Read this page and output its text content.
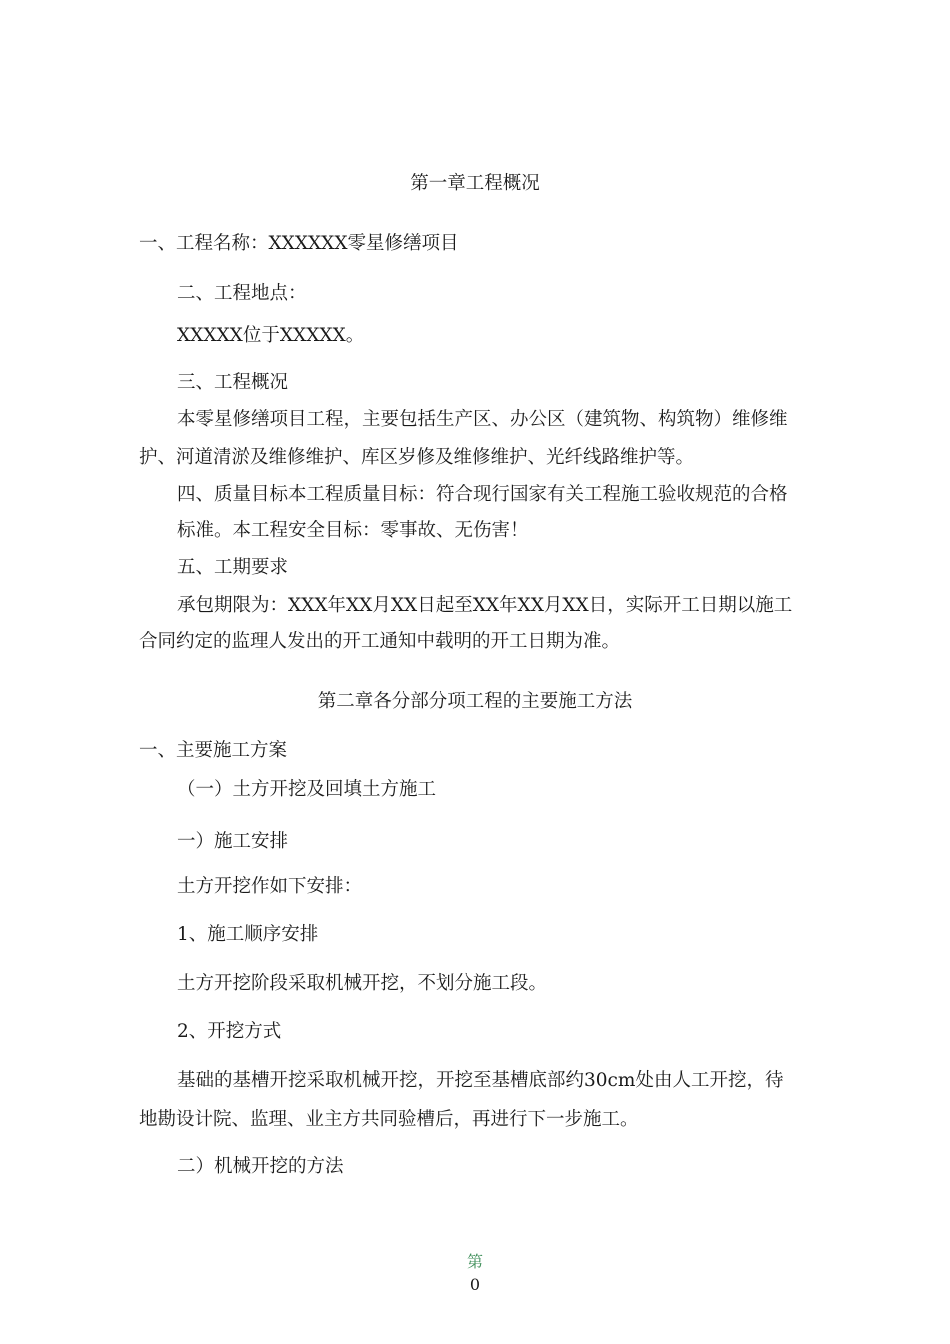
第一章工程概况
一、工程名称：XXXXXX零星修缮项目
二、工程地点：
XXXXX位于XXXXX。
三、工程概况
本零星修缮项目工程，主要包括生产区、办公区（建筑物、构筑物）维修维
护、河道清淤及维修维护、库区岁修及维修维护、光纤线路维护等。
四、质量目标本工程质量目标：符合现行国家有关工程施工验收规范的合格
标准。本工程安全目标：零事故、无伤害！
五、工期要求
承包期限为：XXX年XX月XX日起至XX年XX月XX日，实际开工日期以施工
合同约定的监理人发出的开工通知中载明的开工日期为准。
第二章各分部分项工程的主要施工方法
一、主要施工方案
（一）土方开挖及回填土方施工
一）施工安排
土方开挖作如下安排：
1、施工顺序安排
土方开挖阶段采取机械开挖，不划分施工段。
2、开挖方式
基础的基槽开挖采取机械开挖，开挖至基槽底部约30cm处由人工开挖，待
地勘设计院、监理、业主方共同验槽后，再进行下一步施工。
二）机械开挖的方法
第
0
